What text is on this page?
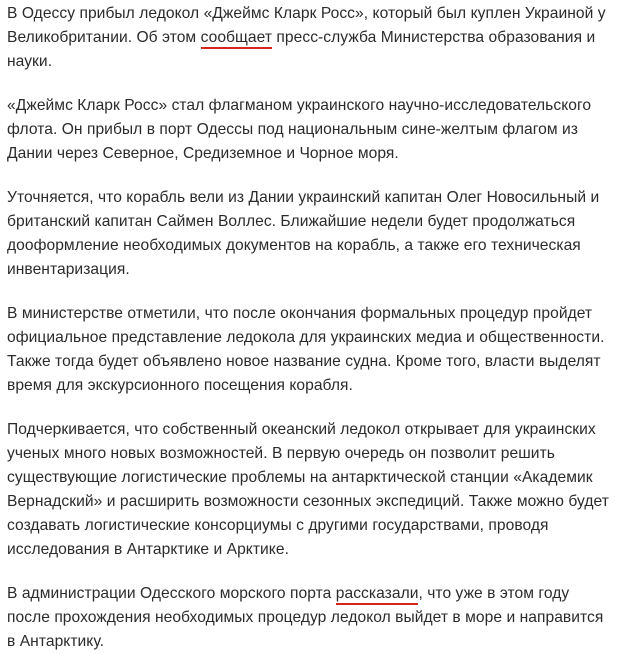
В Одессу прибыл ледокол «Джеймс Кларк Росс», который был куплен Украиной у Великобритании. Об этом сообщает пресс-служба Министерства образования и науки.

«Джеймс Кларк Росс» стал флагманом украинского научно-исследовательского флота. Он прибыл в порт Одессы под национальным сине-желтым флагом из Дании через Северное, Средиземное и Чорное моря.

Уточняется, что корабль вели из Дании украинский капитан Олег Новосильный и британский капитан Саймен Воллес. Ближайшие недели будет продолжаться дооформление необходимых документов на корабль, а также его техническая инвентаризация.

В министерстве отметили, что после окончания формальных процедур пройдет официальное представление ледокола для украинских медиа и общественности. Также тогда будет объявлено новое название судна. Кроме того, власти выделят время для экскурсионного посещения корабля.

Подчеркивается, что собственный океанский ледокол открывает для украинских ученых много новых возможностей. В первую очередь он позволит решить существующие логистические проблемы на антарктической станции «Академик Вернадский» и расширить возможности сезонных экспедиций. Также можно будет создавать логистические консорциумы с другими государствами, проводя исследования в Антарктике и Арктике.

В администрации Одесского морского порта рассказали, что уже в этом году после прохождения необходимых процедур ледокол выйдет в море и направится в Антарктику.
